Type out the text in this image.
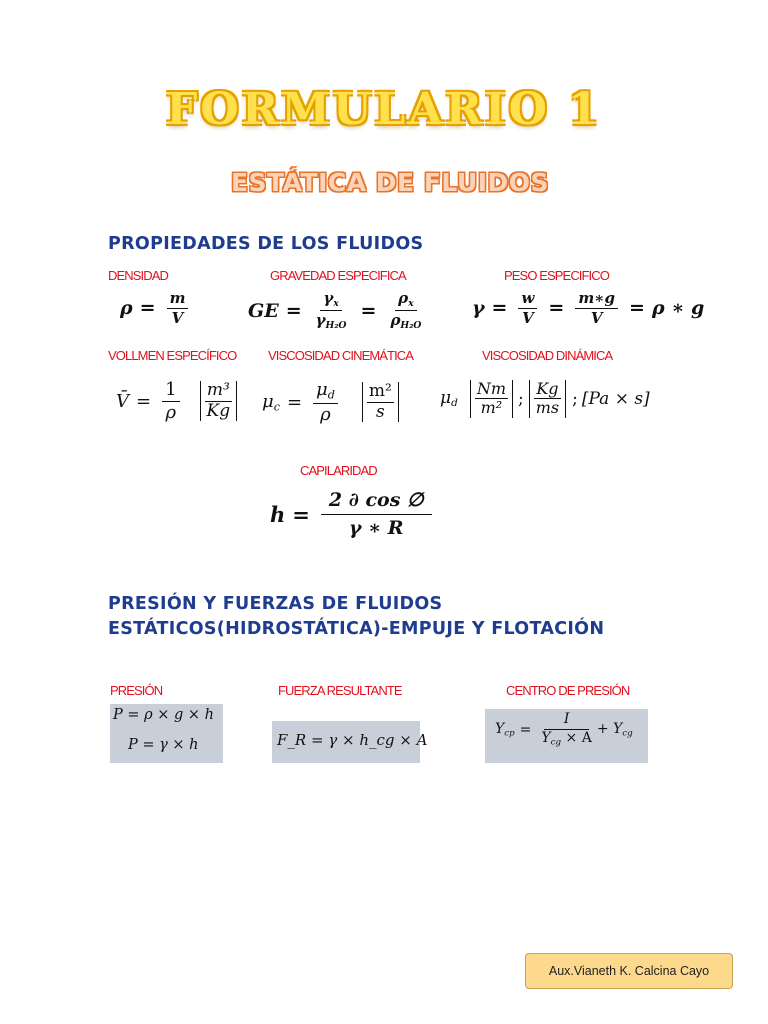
FORMULARIO 1
ESTÁTICA DE FLUIDOS
PROPIEDADES DE LOS FLUIDOS
DENSIDAD	GRAVEDAD ESPECIFICA	PESO ESPECIFICO
$\rho = \frac{m}{V}$	GE = $\frac{\gamma_x}{\gamma_{H_2O}} = \frac{\rho_x}{\rho_{H_2O}}$	$\gamma = \frac{w}{V} = \frac{m∗g}{V} = \rho$ ∗ g
VOLLMEN ESPECÍFICO VISCOSIDAD CINEMÁTICA	VISCOSIDAD DINÁMICA
V̄ = $\frac{1}{\rho} \frac{\text{m³}}{Kg} \mu_c = \frac{\mu_d}{\rho} \frac{\text{m²}}{s} \mu_d \frac{Nm}{\text{m²}}$ ; $\frac{Kg}{ms}$ ; [Pa × s]
CAPILARIDAD
$h = \frac{2 \partial \cos \emptyset}{\gamma ∗ R}$
PRESIÓN Y FUERZAS DE FLUIDOS
ESTÁTICOS(HIDROSTÁTICA)-EMPUJE Y FLOTACIÓN
PRESIÓN	FUERZA RESULTANTE	CENTRO DE PRESIÓN
P = ρ × g × h
P = γ × h	F_R = γ × h_cg × A
$Y_{cp} = \frac{I}{Y_{cg} \times A} + Y_{cg}$
Aux.Vianeth K. Calcina Cayo
